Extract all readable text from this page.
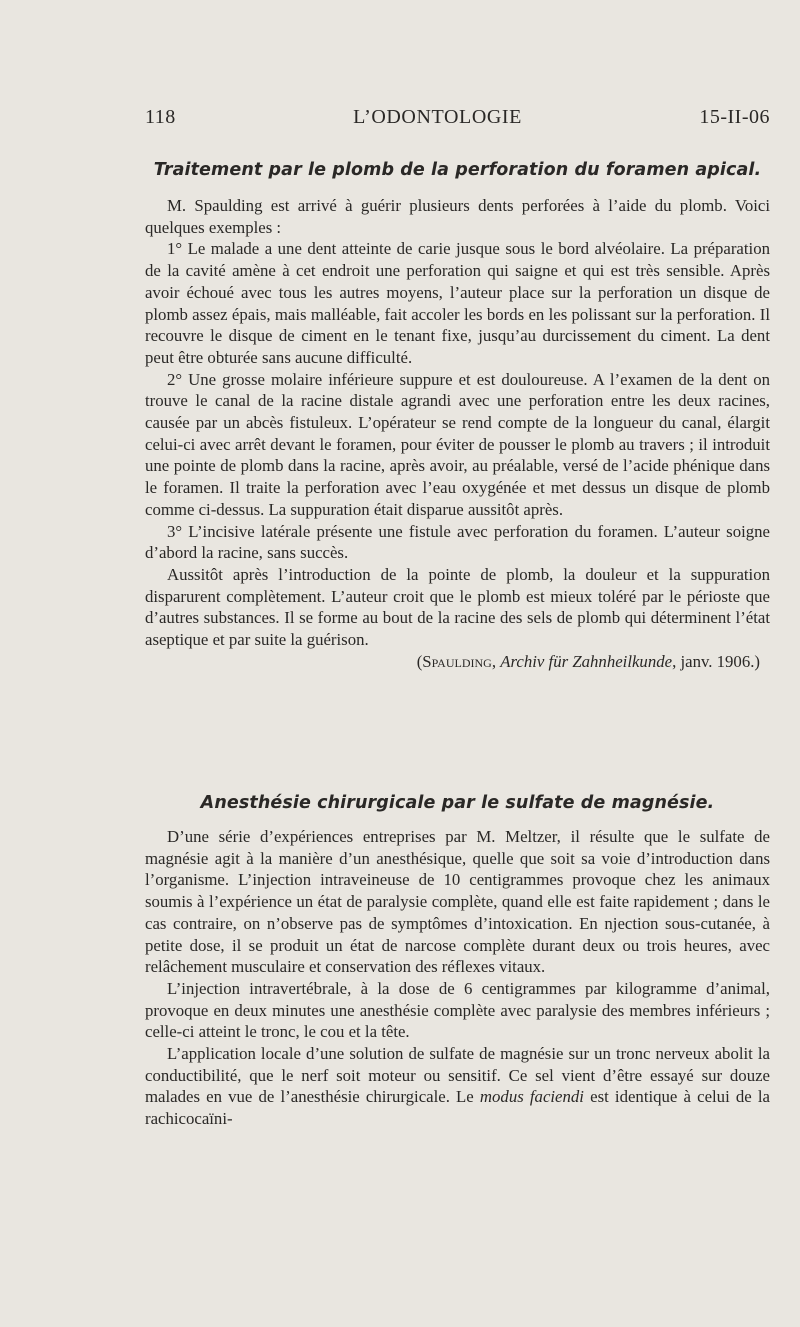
118	L’ODONTOLOGIE	15-II-06
Traitement par le plomb de la perforation du foramen apical.

M. Spaulding est arrivé à guérir plusieurs dents perforées à l’aide du plomb. Voici quelques exemples :

1° Le malade a une dent atteinte de carie jusque sous le bord alvéolaire. La préparation de la cavité amène à cet endroit une perforation qui saigne et qui est très sensible. Après avoir échoué avec tous les autres moyens, l’auteur place sur la perforation un disque de plomb assez épais, mais malléable, fait accoler les bords en les polissant sur la perforation. Il recouvre le disque de ciment en le tenant fixe, jusqu’au durcissement du ciment. La dent peut être obturée sans aucune difficulté.

2° Une grosse molaire inférieure suppure et est douloureuse. A l’examen de la dent on trouve le canal de la racine distale agrandi avec une perforation entre les deux racines, causée par un abcès fistuleux. L’opérateur se rend compte de la longueur du canal, élargit celui-ci avec arrêt devant le foramen, pour éviter de pousser le plomb au travers ; il introduit une pointe de plomb dans la racine, après avoir, au préalable, versé de l’acide phénique dans le foramen. Il traite la perforation avec l’eau oxygénée et met dessus un disque de plomb comme ci-dessus. La suppuration était disparue aussitôt après.

3° L’incisive latérale présente une fistule avec perforation du foramen. L’auteur soigne d’abord la racine, sans succès.

Aussitôt après l’introduction de la pointe de plomb, la douleur et la suppuration disparurent complètement. L’auteur croit que le plomb est mieux toléré par le périoste que d’autres substances. Il se forme au bout de la racine des sels de plomb qui déterminent l’état aseptique et par suite la guérison.

(Spaulding, Archiv für Zahnheilkunde, janv. 1906.)

Anesthésie chirurgicale par le sulfate de magnésie.

D’une série d’expériences entreprises par M. Meltzer, il résulte que le sulfate de magnésie agit à la manière d’un anesthésique, quelle que soit sa voie d’introduction dans l’organisme. L’injection intraveineuse de 10 centigrammes provoque chez les animaux soumis à l’expérience un état de paralysie complète, quand elle est faite rapidement ; dans le cas contraire, on n’observe pas de symptômes d’intoxication. En njection sous-cutanée, à petite dose, il se produit un état de narcose complète durant deux ou trois heures, avec relâchement musculaire et conservation des réflexes vitaux.

L’injection intravertébrale, à la dose de 6 centigrammes par kilogramme d’animal, provoque en deux minutes une anesthésie complète avec paralysie des membres inférieurs ; celle-ci atteint le tronc, le cou et la tête.

L’application locale d’une solution de sulfate de magnésie sur un tronc nerveux abolit la conductibilité, que le nerf soit moteur ou sensitif. Ce sel vient d’être essayé sur douze malades en vue de l’anesthésie chirurgicale. Le modus faciendi est identique à celui de la rachicocaïni-
